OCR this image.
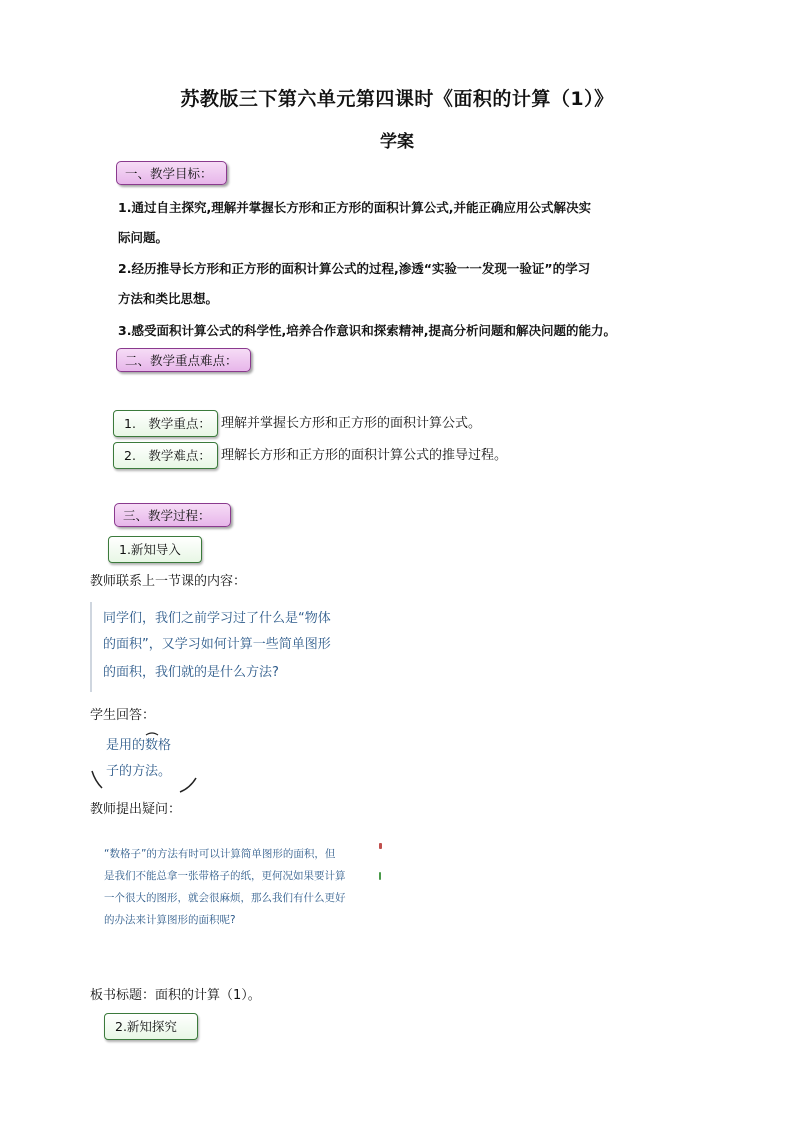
苏教版三下第六单元第四课时《面积的计算（1）》
学案
一、教学目标：
1.通过自主探究,理解并掌握长方形和正方形的面积计算公式,并能正确应用公式解决实
际问题。
2.经历推导长方形和正方形的面积计算公式的过程,渗透“实验一一发现一验证”的学习
方法和类比思想。
3.感受面积计算公式的科学性,培养合作意识和探索精神,提高分析问题和解决问题的能力。
二、教学重点难点：
1.　教学重点： 理解并掌握长方形和正方形的面积计算公式。
2.　教学难点： 理解长方形和正方形的面积计算公式的推导过程。
三、教学过程：
1.新知导入
教师联系上一节课的内容：
同学们，我们之前学习过了什么是“物体
的面积”，又学习如何计算一些简单图形
的面积，我们就的是什么方法?
学生回答：
是用的数格
子的方法。
教师提出疑问：
“数格子”的方法有时可以计算简单图形的面积，但
是我们不能总拿一张带格子的纸，更何况如果要计算
一个很大的图形，就会很麻烦，那么我们有什么更好
的办法来计算图形的面积呢?
板书标题：面积的计算（1）。
2.新知探究
